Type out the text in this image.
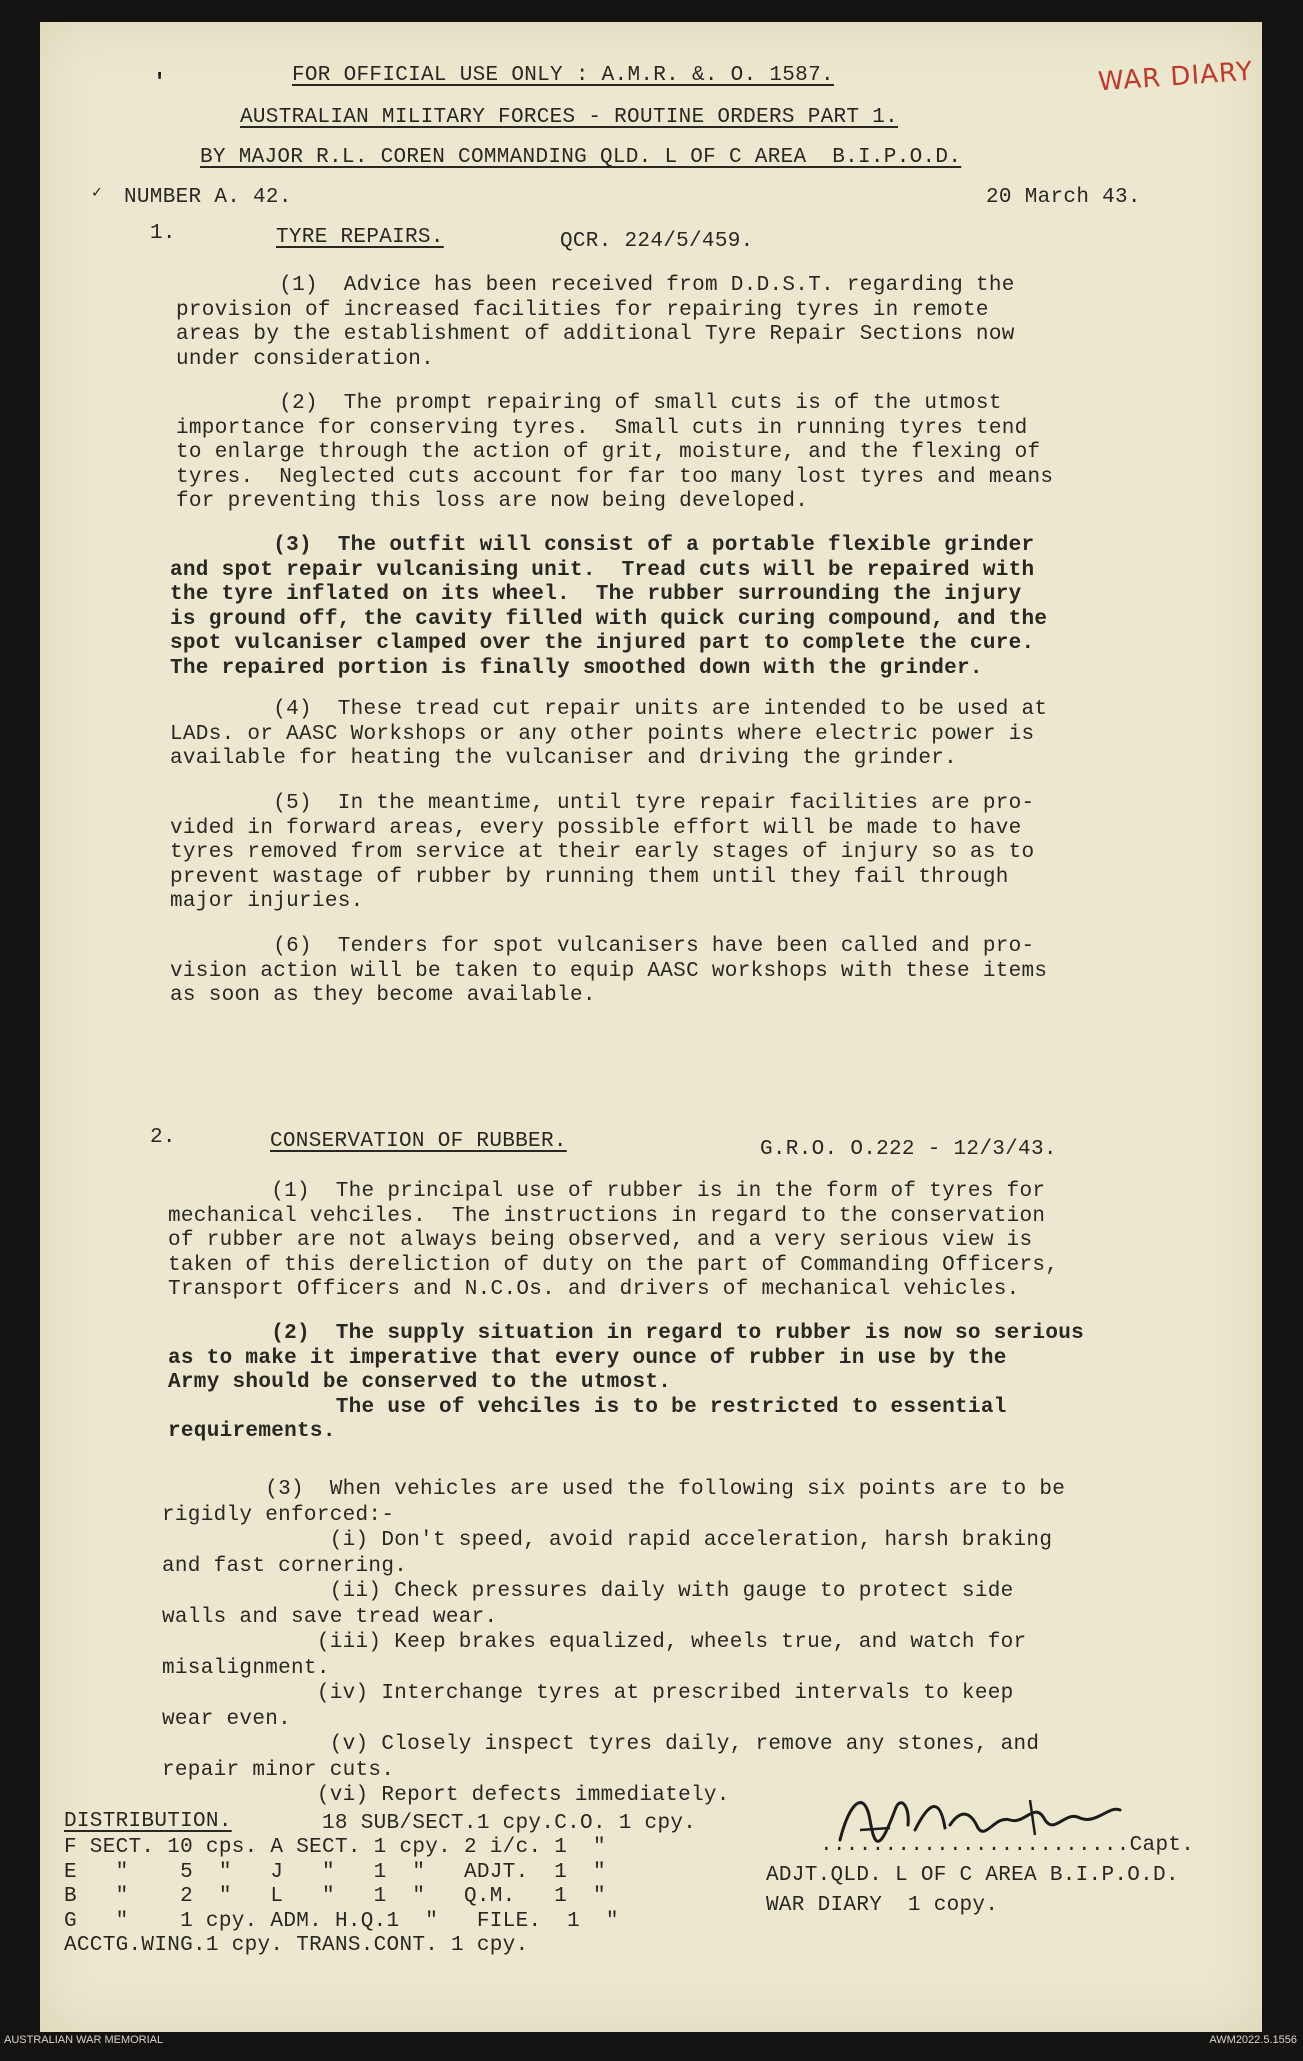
'	WAR DIARY
FOR OFFICIAL USE ONLY : A.M.R. &. O. 1587.
AUSTRALIAN MILITARY FORCES - ROUTINE ORDERS PART 1.
BY MAJOR R.L. COREN COMMANDING QLD. L OF C AREA  B.I.P.O.D.
✓ NUMBER A. 42.	20 March 43.
1.	TYRE REPAIRS.	QCR. 224/5/459.
(1)  Advice has been received from D.D.S.T. regarding the
provision of increased facilities for repairing tyres in remote
areas by the establishment of additional Tyre Repair Sections now
under consideration.
(2)  The prompt repairing of small cuts is of the utmost
importance for conserving tyres.  Small cuts in running tyres tend
to enlarge through the action of grit, moisture, and the flexing of
tyres.  Neglected cuts account for far too many lost tyres and means
for preventing this loss are now being developed.
(3)  The outfit will consist of a portable flexible grinder
and spot repair vulcanising unit.  Tread cuts will be repaired with
the tyre inflated on its wheel.  The rubber surrounding the injury
is ground off, the cavity filled with quick curing compound, and the
spot vulcaniser clamped over the injured part to complete the cure.
The repaired portion is finally smoothed down with the grinder.
(4)  These tread cut repair units are intended to be used at
LADs. or AASC Workshops or any other points where electric power is
available for heating the vulcaniser and driving the grinder.
(5)  In the meantime, until tyre repair facilities are pro-
vided in forward areas, every possible effort will be made to have
tyres removed from service at their early stages of injury so as to
prevent wastage of rubber by running them until they fail through
major injuries.
(6)  Tenders for spot vulcanisers have been called and pro-
vision action will be taken to equip AASC workshops with these items
as soon as they become available.
2.	CONSERVATION OF RUBBER.	G.R.O. O.222 - 12/3/43.
(1)  The principal use of rubber is in the form of tyres for
mechanical vehciles.  The instructions in regard to the conservation
of rubber are not always being observed, and a very serious view is
taken of this dereliction of duty on the part of Commanding Officers,
Transport Officers and N.C.Os. and drivers of mechanical vehicles.
(2)  The supply situation in regard to rubber is now so serious
as to make it imperative that every ounce of rubber in use by the
Army should be conserved to the utmost.
The use of vehciles is to be restricted to essential
requirements.
(3)  When vehicles are used the following six points are to be
rigidly enforced:-
(i) Don't speed, avoid rapid acceleration, harsh braking
and fast cornering.
(ii) Check pressures daily with gauge to protect side
walls and save tread wear.
(iii) Keep brakes equalized, wheels true, and watch for
misalignment.
(iv) Interchange tyres at prescribed intervals to keep
wear even.
(v) Closely inspect tyres daily, remove any stones, and
repair minor cuts.
(vi) Report defects immediately.
DISTRIBUTION.	18 SUB/SECT.1 cpy.C.O. 1 cpy.
F SECT. 10 cps. A SECT. 1 cpy. 2 i/c. 1  "
E   "    5  "   J   "   1  "   ADJT.  1  "
B   "    2  "   L   "   1  "   Q.M.   1  "
G   "    1 cpy. ADM. H.Q.1  "   FILE.  1  "
ACCTG.WING.1 cpy. TRANS.CONT. 1 cpy.
........................Capt.
ADJT.QLD. L OF C AREA B.I.P.O.D.
WAR DIARY  1 copy.
AUSTRALIAN WAR MEMORIAL	AWM2022.5.1556
